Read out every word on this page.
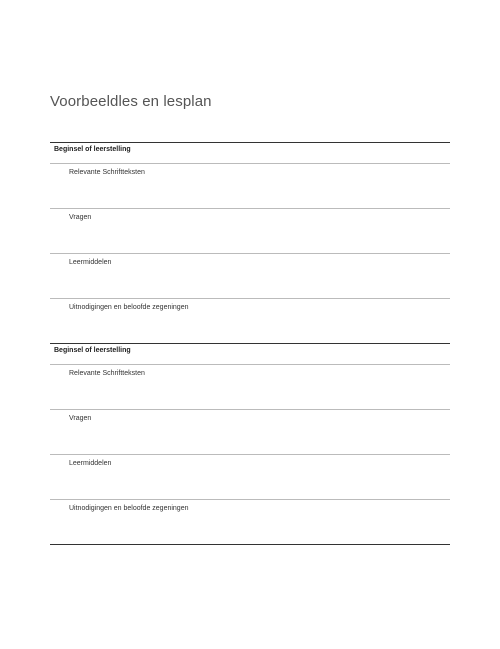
Voorbeeldles en lesplan
Beginsel of leerstelling
Relevante Schriftteksten
Vragen
Leermiddelen
Uitnodigingen en beloofde zegeningen
Beginsel of leerstelling
Relevante Schriftteksten
Vragen
Leermiddelen
Uitnodigingen en beloofde zegeningen
